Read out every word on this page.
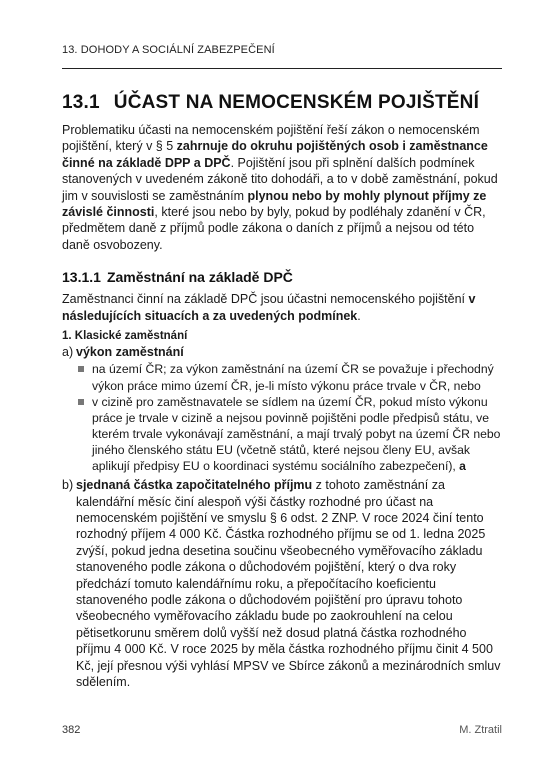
13. DOHODY A SOCIÁLNÍ ZABEZPEČENÍ
13.1 ÚČAST NA NEMOCENSKÉM POJIŠTĚNÍ

Problematiku účasti na nemocenském pojištění řeší zákon o nemocenském pojištění, který v § 5 zahrnuje do okruhu pojištěných osob i zaměstnance činné na základě DPP a DPČ. Pojištění jsou při splnění dalších podmínek stanovených v uvedeném zákoně tito dohodáři, a to v době zaměstnání, pokud jim v souvislosti se zaměstnáním plynou nebo by mohly plynout příjmy ze závislé činnosti, které jsou nebo by byly, pokud by podléhaly zdanění v ČR, předmětem daně z příjmů podle zákona o daních z příjmů a nejsou od této daně osvobozeny.

13.1.1 Zaměstnání na základě DPČ

Zaměstnanci činní na základě DPČ jsou účastni nemocenského pojištění v následujících situacích a za uvedených podmínek.

1. Klasické zaměstnání
a) výkon zaměstnání
na území ČR; za výkon zaměstnání na území ČR se považuje i přechodný výkon práce mimo území ČR, je-li místo výkonu práce trvale v ČR, nebo
v cizině pro zaměstnavatele se sídlem na území ČR, pokud místo výkonu práce je trvale v cizině a nejsou povinně pojištěni podle předpisů státu, ve kterém trvale vykonávají zaměstnání, a mají trvalý pobyt na území ČR nebo jiného členského státu EU (včetně států, které nejsou členy EU, avšak aplikují předpisy EU o koordinaci systému sociálního zabezpečení), a
b) sjednaná částka započitatelného příjmu z tohoto zaměstnání za kalendářní měsíc činí alespoň výši částky rozhodné pro účast na nemocenském pojištění ve smyslu § 6 odst. 2 ZNP. V roce 2024 činí tento rozhodný příjem 4 000 Kč. Částka rozhodného příjmu se od 1. ledna 2025 zvýší, pokud jedna desetina součinu všeobecného vyměřovacího základu stanoveného podle zákona o důchodovém pojištění, který o dva roky předchází tomuto kalendářnímu roku, a přepočítacího koeficientu stanoveného podle zákona o důchodovém pojištění pro úpravu tohoto všeobecného vyměřovacího základu bude po zaokrouhlení na celou pětisetkorunu směrem dolů vyšší než dosud platná částka rozhodného příjmu 4 000 Kč. V roce 2025 by měla částka rozhodného příjmu činit 4 500 Kč, její přesnou výši vyhlásí MPSV ve Sbírce zákonů a mezinárodních smluv sdělením.
382	M. Ztratil
